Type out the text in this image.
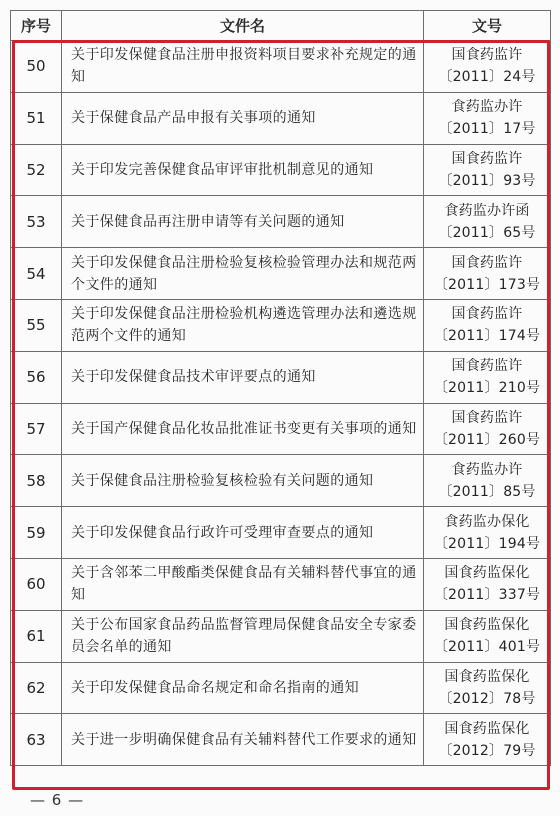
序号	文件名	文号
50	关于印发保健食品注册申报资料项目要求补充规定的通知	国食药监许
〔2011〕24号

51	关于保健食品产品申报有关事项的通知	食药监办许
〔2011〕17号

52	关于印发完善保健食品审评审批机制意见的通知	国食药监许
〔2011〕93号

53	关于保健食品再注册申请等有关问题的通知	食药监办许函
〔2011〕65号

54	关于印发保健食品注册检验复核检验管理办法和规范两个文件的通知	国食药监许
〔2011〕173号

55	关于印发保健食品注册检验机构遴选管理办法和遴选规范两个文件的通知	国食药监许
〔2011〕174号

56	关于印发保健食品技术审评要点的通知	国食药监许
〔2011〕210号

57	关于国产保健食品化妆品批准证书变更有关事项的通知	国食药监许
〔2011〕260号

58	关于保健食品注册检验复核检验有关问题的通知	食药监办许
〔2011〕85号

59	关于印发保健食品行政许可受理审查要点的通知	食药监办保化
〔2011〕194号

60	关于含邻苯二甲酸酯类保健食品有关辅料替代事宜的通知	国食药监保化
〔2011〕337号

61	关于公布国家食品药品监督管理局保健食品安全专家委员会名单的通知	国食药监保化
〔2011〕401号

62	关于印发保健食品命名规定和命名指南的通知	国食药监保化
〔2012〕78号

63	关于进一步明确保健食品有关辅料替代工作要求的通知	国食药监保化
〔2012〕79号
— 6 —
